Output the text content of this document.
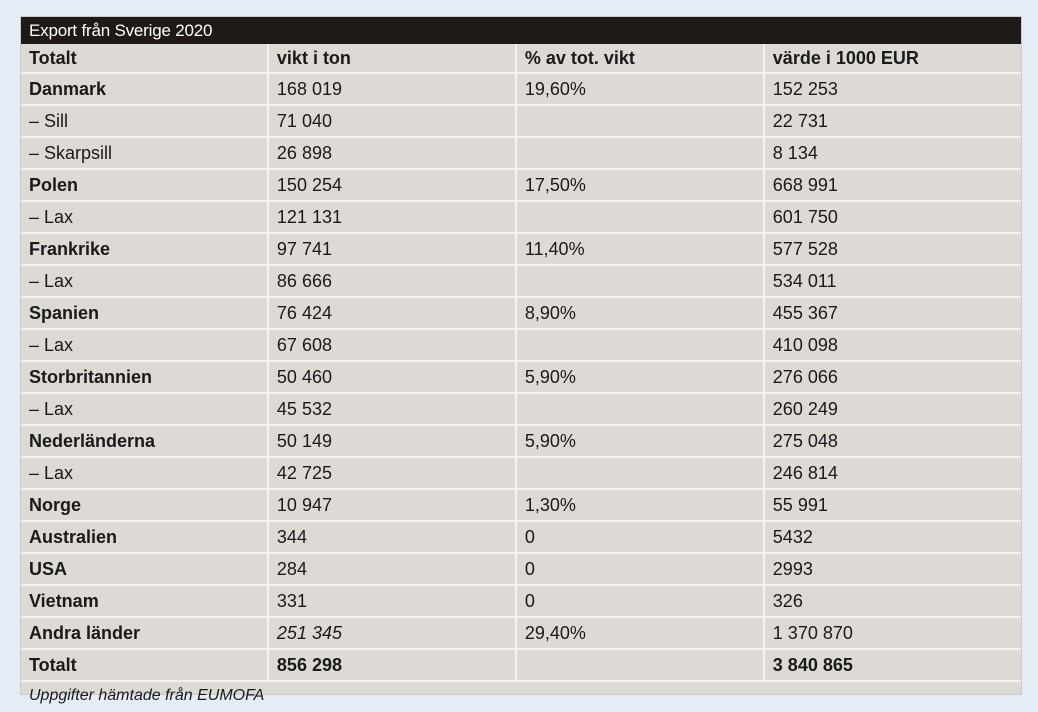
Export från Sverige 2020
Totalt	vikt i ton	% av tot. vikt	värde i 1000 EUR
Danmark	168 019	19,60%	152 253
– Sill	71 040		22 731
– Skarpsill	26 898		8 134
Polen	150 254	17,50%	668 991
– Lax	121 131		601 750
Frankrike	97 741	11,40%	577 528
– Lax	86 666		534 011
Spanien	76 424	8,90%	455 367
– Lax	67 608		410 098
Storbritannien	50 460	5,90%	276 066
– Lax	45 532		260 249
Nederländerna	50 149	5,90%	275 048
– Lax	42 725		246 814
Norge	10 947	1,30%	55 991
Australien	344	0	5432
USA	284	0	2993
Vietnam	331	0	326
Andra länder	251 345	29,40%	1 370 870
Totalt	856 298		3 840 865
Uppgifter hämtade från EUMOFA
